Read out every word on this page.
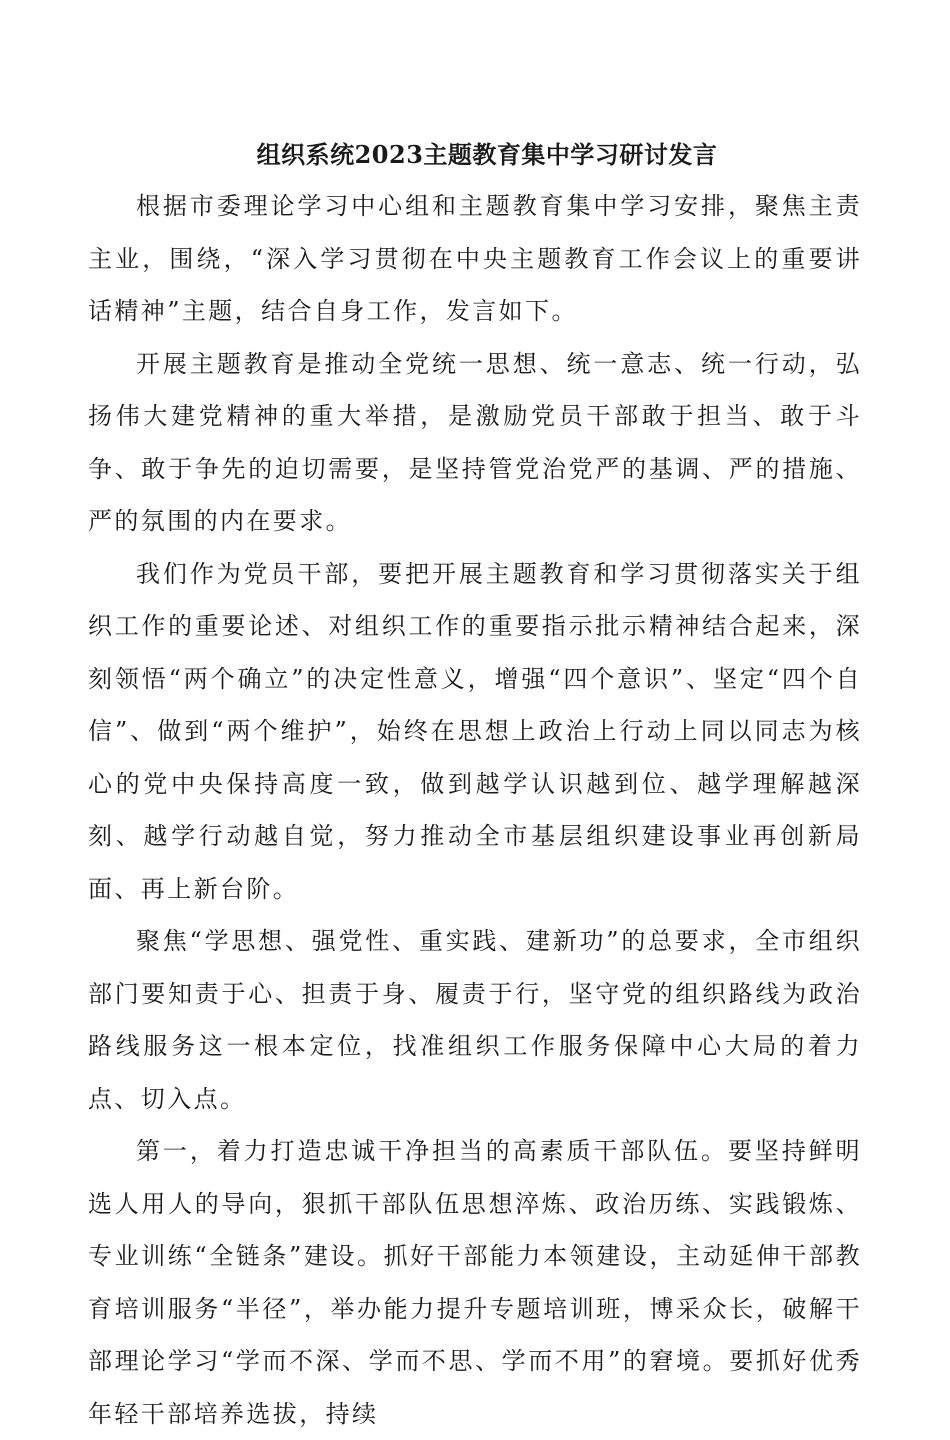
组织系统2023主题教育集中学习研讨发言

根据市委理论学习中心组和主题教育集中学习安排，聚焦主责主业，围绕，“深入学习贯彻在中央主题教育工作会议上的重要讲话精神”主题，结合自身工作，发言如下。

开展主题教育是推动全党统一思想、统一意志、统一行动，弘扬伟大建党精神的重大举措，是激励党员干部敢于担当、敢于斗争、敢于争先的迫切需要，是坚持管党治党严的基调、严的措施、严的氛围的内在要求。

我们作为党员干部，要把开展主题教育和学习贯彻落实关于组织工作的重要论述、对组织工作的重要指示批示精神结合起来，深刻领悟“两个确立”的决定性意义，增强“四个意识”、坚定“四个自信”、做到“两个维护”，始终在思想上政治上行动上同以同志为核心的党中央保持高度一致，做到越学认识越到位、越学理解越深刻、越学行动越自觉，努力推动全市基层组织建设事业再创新局面、再上新台阶。

聚焦“学思想、强党性、重实践、建新功”的总要求，全市组织部门要知责于心、担责于身、履责于行，坚守党的组织路线为政治路线服务这一根本定位，找准组织工作服务保障中心大局的着力点、切入点。

第一，着力打造忠诚干净担当的高素质干部队伍。要坚持鲜明选人用人的导向，狠抓干部队伍思想淬炼、政治历练、实践锻炼、专业训练“全链条”建设。抓好干部能力本领建设，主动延伸干部教育培训服务“半径”，举办能力提升专题培训班，博采众长，破解干部理论学习“学而不深、学而不思、学而不用”的窘境。要抓好优秀年轻干部培养选拔，持续
